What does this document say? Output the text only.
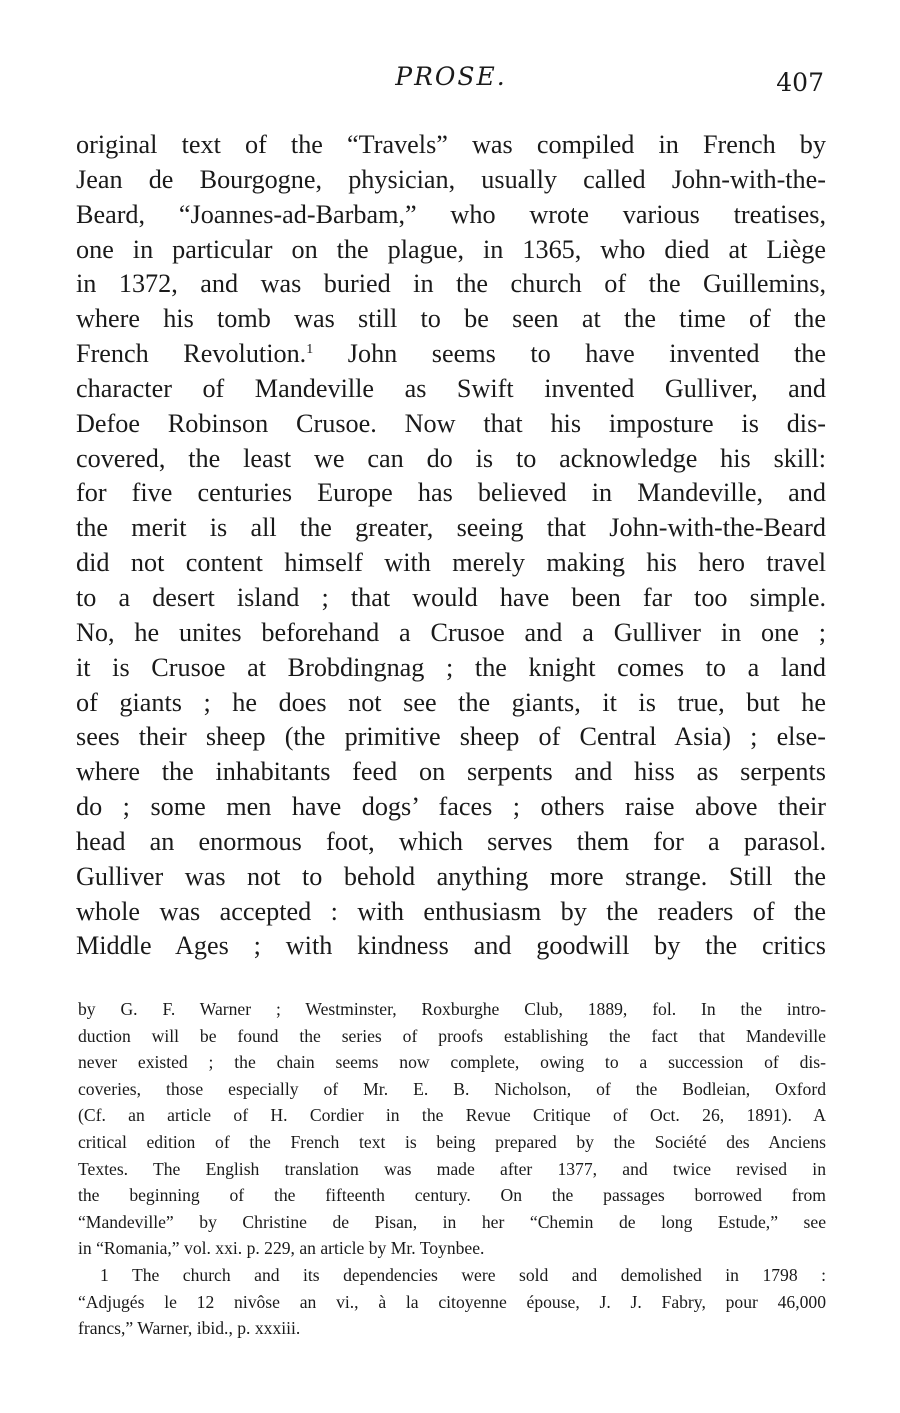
PROSE.	407
original text of the “Travels” was compiled in French by
Jean de Bourgogne, physician, usually called John-with-the-
Beard, “Joannes-ad-Barbam,” who wrote various treatises,
one in particular on the plague, in 1365, who died at Liège
in 1372, and was buried in the church of the Guillemins,
where his tomb was still to be seen at the time of the
French Revolution.$^1$ John seems to have invented the
character of Mandeville as Swift invented Gulliver, and
Defoe Robinson Crusoe. Now that his imposture is dis-
covered, the least we can do is to acknowledge his skill:
for five centuries Europe has believed in Mandeville, and
the merit is all the greater, seeing that John-with-the-Beard
did not content himself with merely making his hero travel
to a desert island ; that would have been far too simple.
No, he unites beforehand a Crusoe and a Gulliver in one ;
it is Crusoe at Brobdingnag ; the knight comes to a land
of giants ; he does not see the giants, it is true, but he
sees their sheep (the primitive sheep of Central Asia) ; else-
where the inhabitants feed on serpents and hiss as serpents
do ; some men have dogs’ faces ; others raise above their
head an enormous foot, which serves them for a parasol.
Gulliver was not to behold anything more strange. Still the
whole was accepted : with enthusiasm by the readers of the
Middle Ages ; with kindness and goodwill by the critics
by G. F. Warner ; Westminster, Roxburghe Club, 1889, fol. In the intro-
duction will be found the series of proofs establishing the fact that Mandeville
never existed ; the chain seems now complete, owing to a succession of dis-
coveries, those especially of Mr. E. B. Nicholson, of the Bodleian, Oxford
(Cf. an article of H. Cordier in the Revue Critique of Oct. 26, 1891). A
critical edition of the French text is being prepared by the Société des Anciens
Textes. The English translation was made after 1377, and twice revised in
the beginning of the fifteenth century. On the passages borrowed from
“Mandeville” by Christine de Pisan, in her “Chemin de long Estude,” see
in “Romania,” vol. xxi. p. 229, an article by Mr. Toynbee.
1 The church and its dependencies were sold and demolished in 1798 :
“Adjugés le 12 nivôse an vi., à la citoyenne épouse, J. J. Fabry, pour 46,000
francs,” Warner, ibid., p. xxxiii.
